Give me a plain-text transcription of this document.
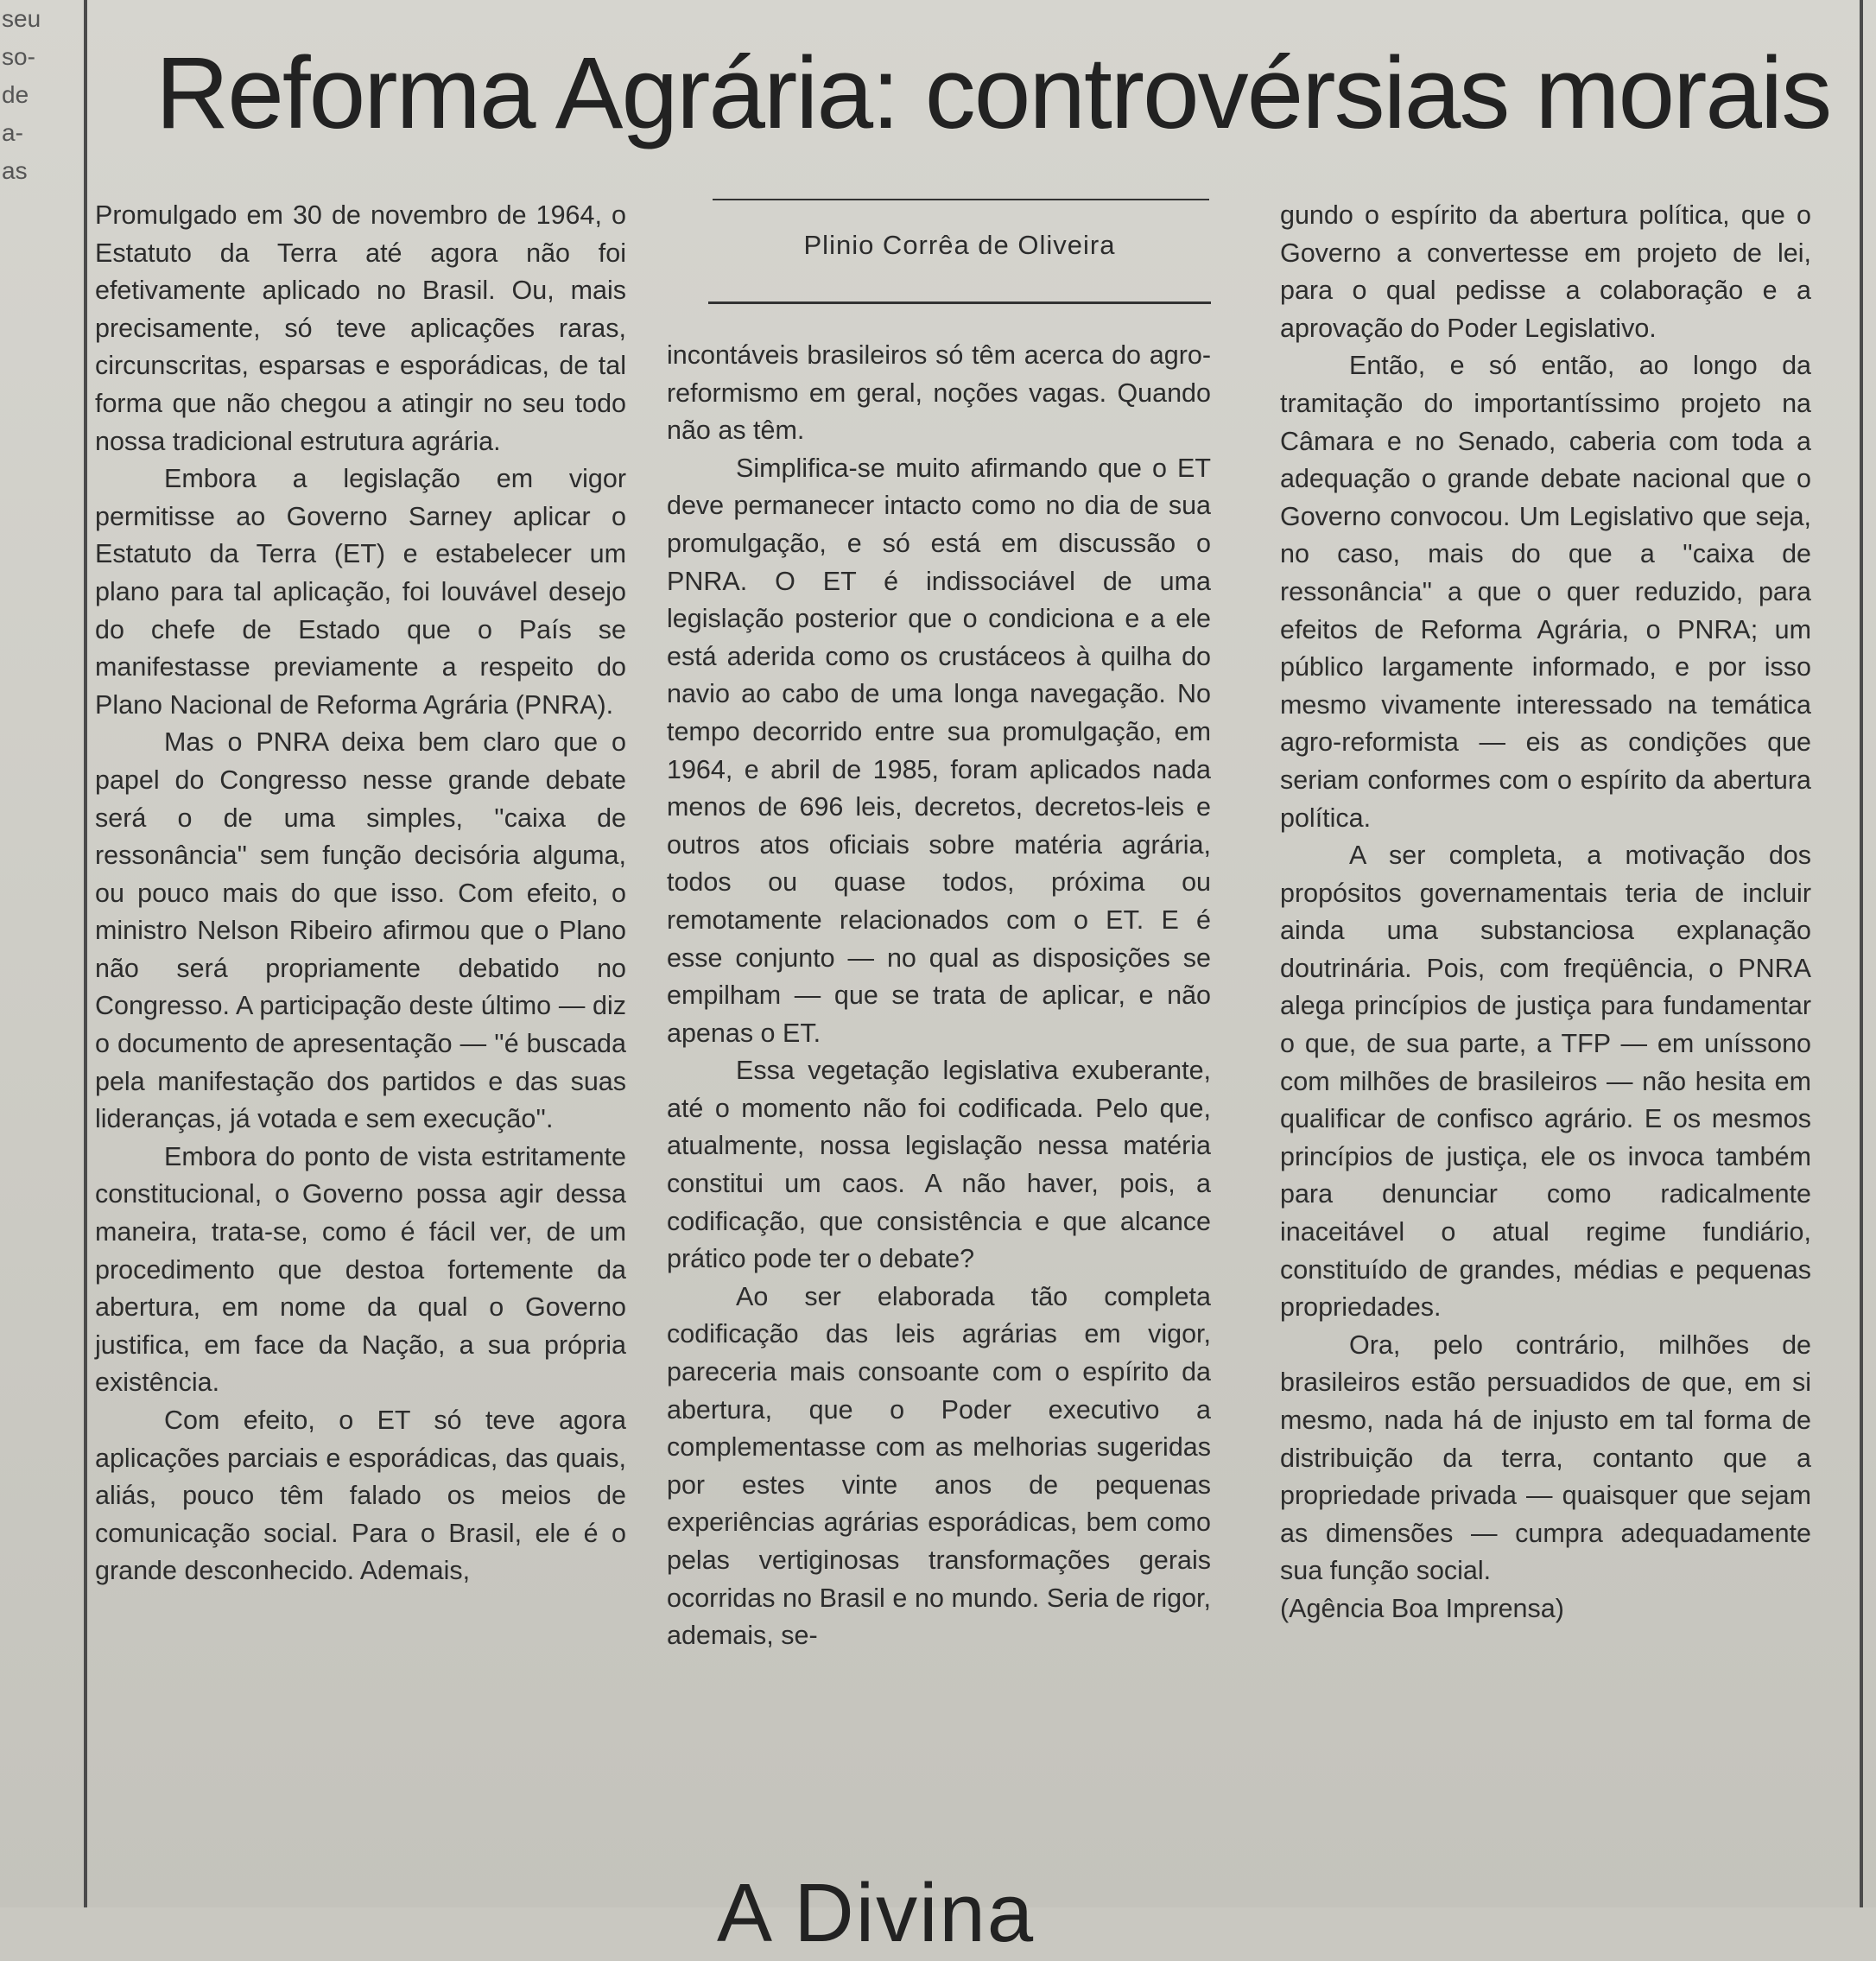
seu
so-
de
a-
as
Reforma Agrária: controvérsias morais

Promulgado em 30 de novembro de 1964, o Estatuto da Terra até agora não foi efetivamente aplicado no Brasil. Ou, mais precisamente, só teve aplicações raras, circunscritas, esparsas e esporádicas, de tal forma que não chegou a atingir no seu todo nossa tradicional estrutura agrária.

Embora a legislação em vigor permitisse ao Governo Sarney aplicar o Estatuto da Terra (ET) e estabelecer um plano para tal aplicação, foi louvável desejo do chefe de Estado que o País se manifestasse previamente a respeito do Plano Nacional de Reforma Agrária (PNRA).

Mas o PNRA deixa bem claro que o papel do Congresso nesse grande debate será o de uma simples, ''caixa de ressonância'' sem função decisória alguma, ou pouco mais do que isso. Com efeito, o ministro Nelson Ribeiro afirmou que o Plano não será propriamente debatido no Congresso. A participação deste último — diz o documento de apresentação — ''é buscada pela manifestação dos partidos e das suas lideranças, já votada e sem execução''.

Embora do ponto de vista estritamente constitucional, o Governo possa agir dessa maneira, trata-se, como é fácil ver, de um procedimento que destoa fortemente da abertura, em nome da qual o Governo justifica, em face da Nação, a sua própria existência.

Com efeito, o ET só teve agora aplicações parciais e esporádicas, das quais, aliás, pouco têm falado os meios de comunicação social. Para o Brasil, ele é o grande desconhecido. Ademais,

Plinio Corrêa de Oliveira

incontáveis brasileiros só têm acerca do agro-reformismo em geral, noções vagas. Quando não as têm.

Simplifica-se muito afirmando que o ET deve permanecer intacto como no dia de sua promulgação, e só está em discussão o PNRA. O ET é indissociável de uma legislação posterior que o condiciona e a ele está aderida como os crustáceos à quilha do navio ao cabo de uma longa navegação. No tempo decorrido entre sua promulgação, em 1964, e abril de 1985, foram aplicados nada menos de 696 leis, decretos, decretos-leis e outros atos oficiais sobre matéria agrária, todos ou quase todos, próxima ou remotamente relacionados com o ET. E é esse conjunto — no qual as disposições se empilham — que se trata de aplicar, e não apenas o ET.

Essa vegetação legislativa exuberante, até o momento não foi codificada. Pelo que, atualmente, nossa legislação nessa matéria constitui um caos. A não haver, pois, a codificação, que consistência e que alcance prático pode ter o debate?

Ao ser elaborada tão completa codificação das leis agrárias em vigor, pareceria mais consoante com o espírito da abertura, que o Poder executivo a complementasse com as melhorias sugeridas por estes vinte anos de pequenas experiências agrárias esporádicas, bem como pelas vertiginosas transformações gerais ocorridas no Brasil e no mundo. Seria de rigor, ademais, se-

gundo o espírito da abertura política, que o Governo a convertesse em projeto de lei, para o qual pedisse a colaboração e a aprovação do Poder Legislativo.

Então, e só então, ao longo da tramitação do importantíssimo projeto na Câmara e no Senado, caberia com toda a adequação o grande debate nacional que o Governo convocou. Um Legislativo que seja, no caso, mais do que a ''caixa de ressonância'' a que o quer reduzido, para efeitos de Reforma Agrária, o PNRA; um público largamente informado, e por isso mesmo vivamente interessado na temática agro-reformista — eis as condições que seriam conformes com o espírito da abertura política.

A ser completa, a motivação dos propósitos governamentais teria de incluir ainda uma substanciosa explanação doutrinária. Pois, com freqüência, o PNRA alega princípios de justiça para fundamentar o que, de sua parte, a TFP — em uníssono com milhões de brasileiros — não hesita em qualificar de confisco agrário. E os mesmos princípios de justiça, ele os invoca também para denunciar como radicalmente inaceitável o atual regime fundiário, constituído de grandes, médias e pequenas propriedades.

Ora, pelo contrário, milhões de brasileiros estão persuadidos de que, em si mesmo, nada há de injusto em tal forma de distribuição da terra, contanto que a propriedade privada — quaisquer que sejam as dimensões — cumpra adequadamente sua função social.

(Agência Boa Imprensa)

A Divina
